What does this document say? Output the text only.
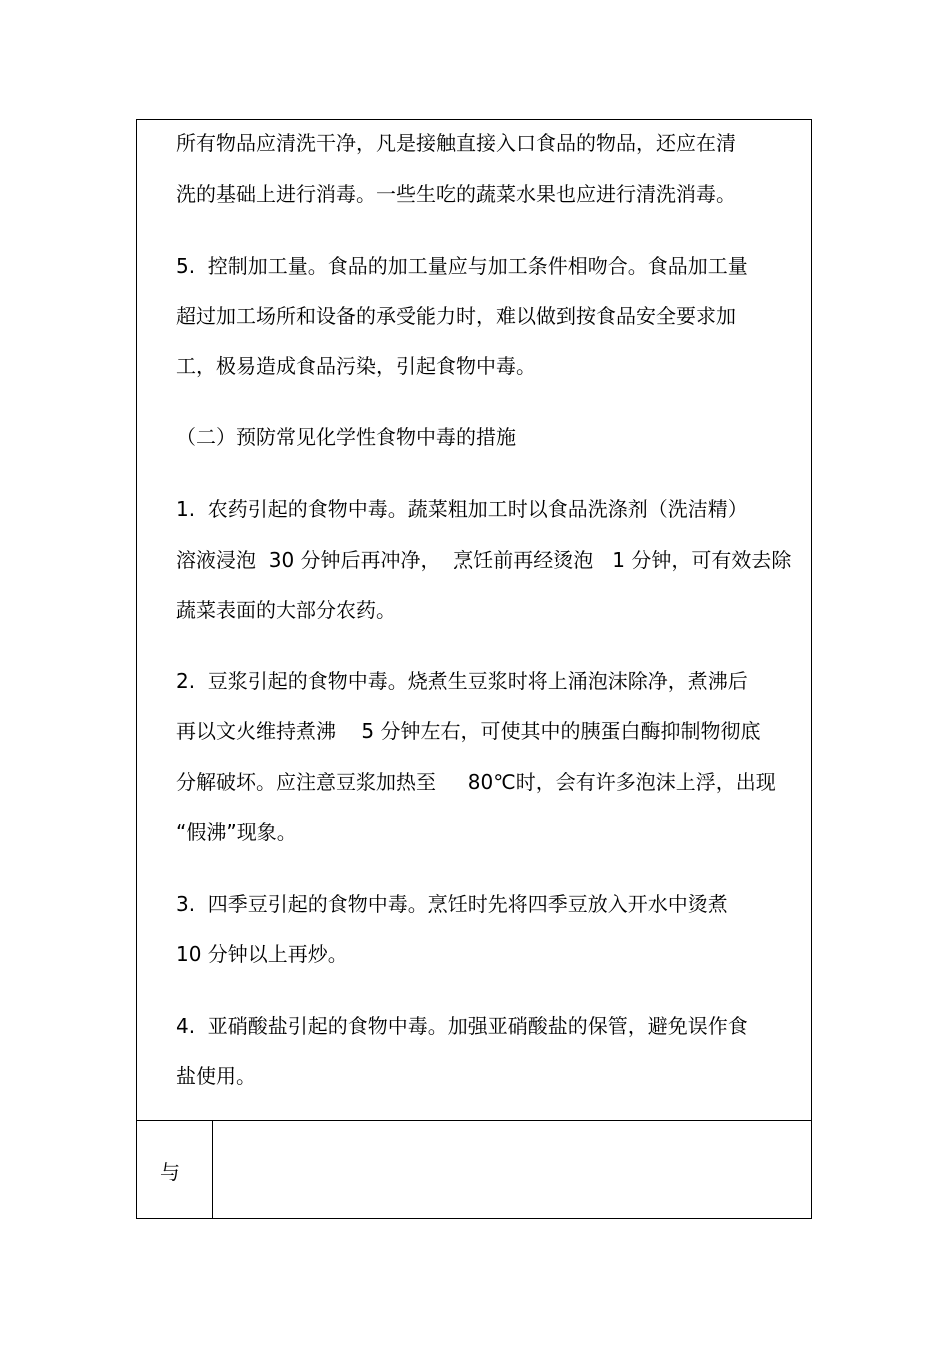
所有物品应清洗干净，凡是接触直接入口食品的物品，还应在清
洗的基础上进行消毒。一些生吃的蔬菜水果也应进行清洗消毒。
5.  控制加工量。食品的加工量应与加工条件相吻合。食品加工量
超过加工场所和设备的承受能力时，难以做到按食品安全要求加
工，极易造成食品污染，引起食物中毒。
（二）预防常见化学性食物中毒的措施
1.  农药引起的食物中毒。蔬菜粗加工时以食品洗涤剂（洗洁精）
溶液浸泡  30 分钟后再冲净，  烹饪前再经烫泡   1 分钟，可有效去除
蔬菜表面的大部分农药。
2.  豆浆引起的食物中毒。烧煮生豆浆时将上涌泡沫除净，煮沸后
再以文火维持煮沸    5 分钟左右，可使其中的胰蛋白酶抑制物彻底
分解破坏。应注意豆浆加热至     80℃时，会有许多泡沫上浮，出现
“假沸”现象。
3.  四季豆引起的食物中毒。烹饪时先将四季豆放入开水中烫煮
10 分钟以上再炒。
4.  亚硝酸盐引起的食物中毒。加强亚硝酸盐的保管，避免误作食
盐使用。
与
